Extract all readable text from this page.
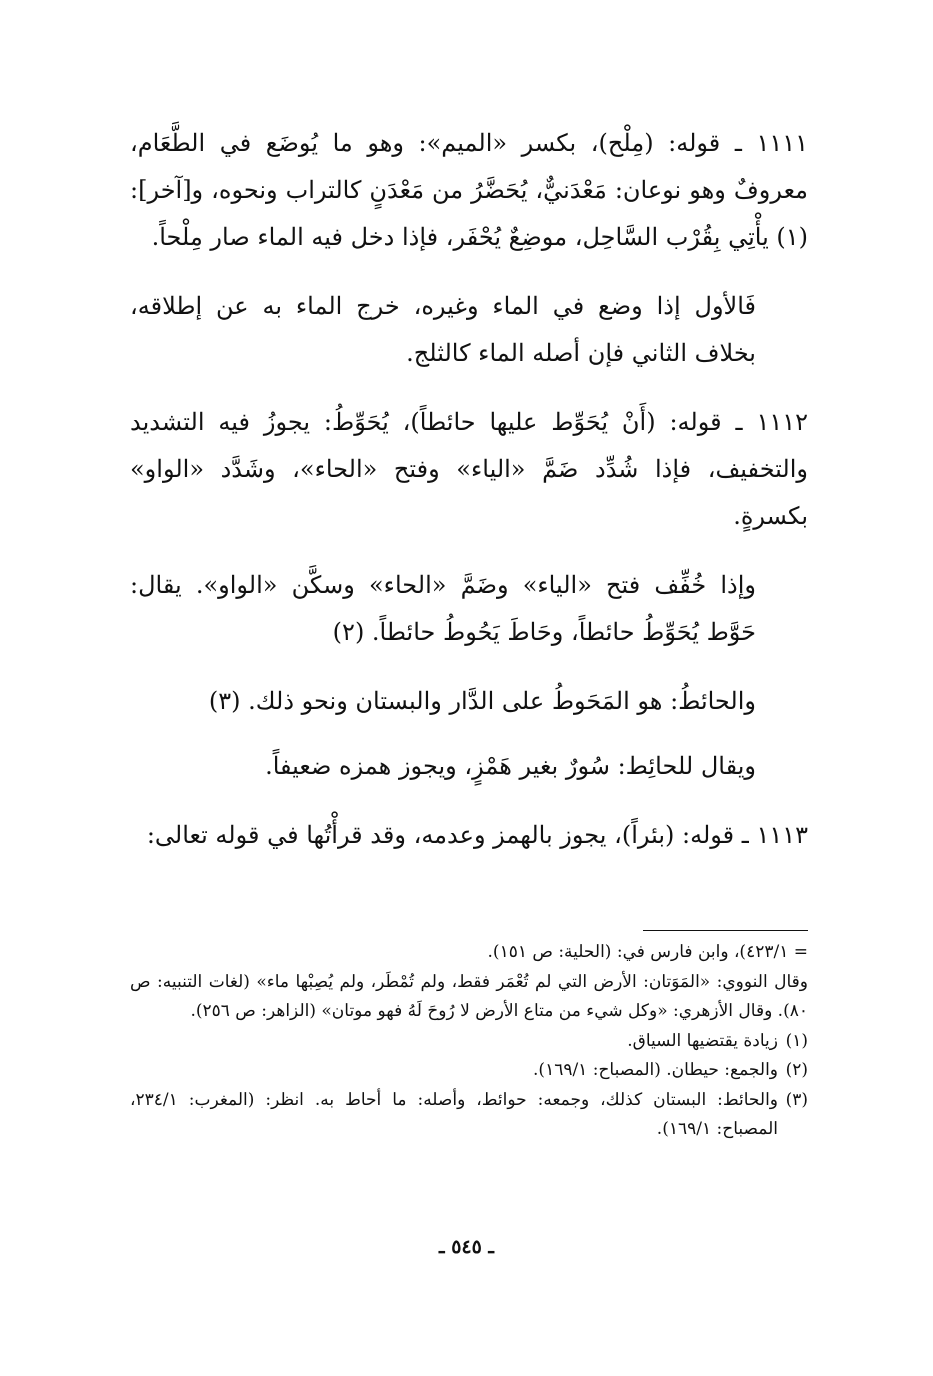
١١١١ ـ قوله: (مِلْح)، بكسر «الميم»: وهو ما يُوضَع في الطَّعَام، معروفٌ وهو نوعان: مَعْدَنيٌّ، يُحَضَّرُ من مَعْدَنٍ كالتراب ونحوه، و[آخر]: (١) يأْتِي بِقُرْب السَّاحِل، موضِعٌ يُحْفَر، فإذا دخل فيه الماء صار مِلْحاً.

فَالأول إذا وضع في الماء وغيره، خرج الماء به عن إطلاقه، بخلاف الثاني فإن أصله الماء كالثلج.

١١١٢ ـ قوله: (أَنْ يُحَوِّط عليها حائطاً)، يُحَوِّطُ: يجوزُ فيه التشديد والتخفيف، فإذا شُدِّد ضَمَّ «الياء» وفتح «الحاء»، وشَدَّد «الواو» بكسرةٍ.

وإذا خُفِّف فتح «الياء» وضَمَّ «الحاء» وسكَّن «الواو». يقال: حَوَّط يُحَوِّطُ حائطاً، وحَاطَ يَحُوطُ حائطاً. (٢)

والحائطُ: هو المَحَوطُ على الدَّار والبستان ونحو ذلك. (٣)

ويقال للحائِط: سُورٌ بغير هَمْزٍ، ويجوز همزه ضعيفاً.

١١١٣ ـ قوله: (بئراً)، يجوز بالهمز وعدمه، وقد قرأْتُها في قوله تعالى:

= ٤٢٣/١)، وابن فارس في: (الحلية: ص ١٥١).

وقال النووي: «المَوَتان: الأرض التي لم تُعْمَر فقط، ولم تُمْطَر، ولم يُصِبْها ماء» (لغات التنبيه: ص ٨٠). وقال الأزهري: «وكل شيء من متاع الأرض لا رُوحَ لَهُ فهو موتان» (الزاهر: ص ٢٥٦).

(١)
زيادة يقتضيها السياق.
(٢)
والجمع: حيطان. (المصباح: ١٦٩/١).
(٣)
والحائط: البستان كذلك، وجمعه: حوائط، وأصله: ما أحاط به. انظر: (المغرب: ٢٣٤/١، المصباح: ١٦٩/١).
ـ ٥٤٥ ـ
